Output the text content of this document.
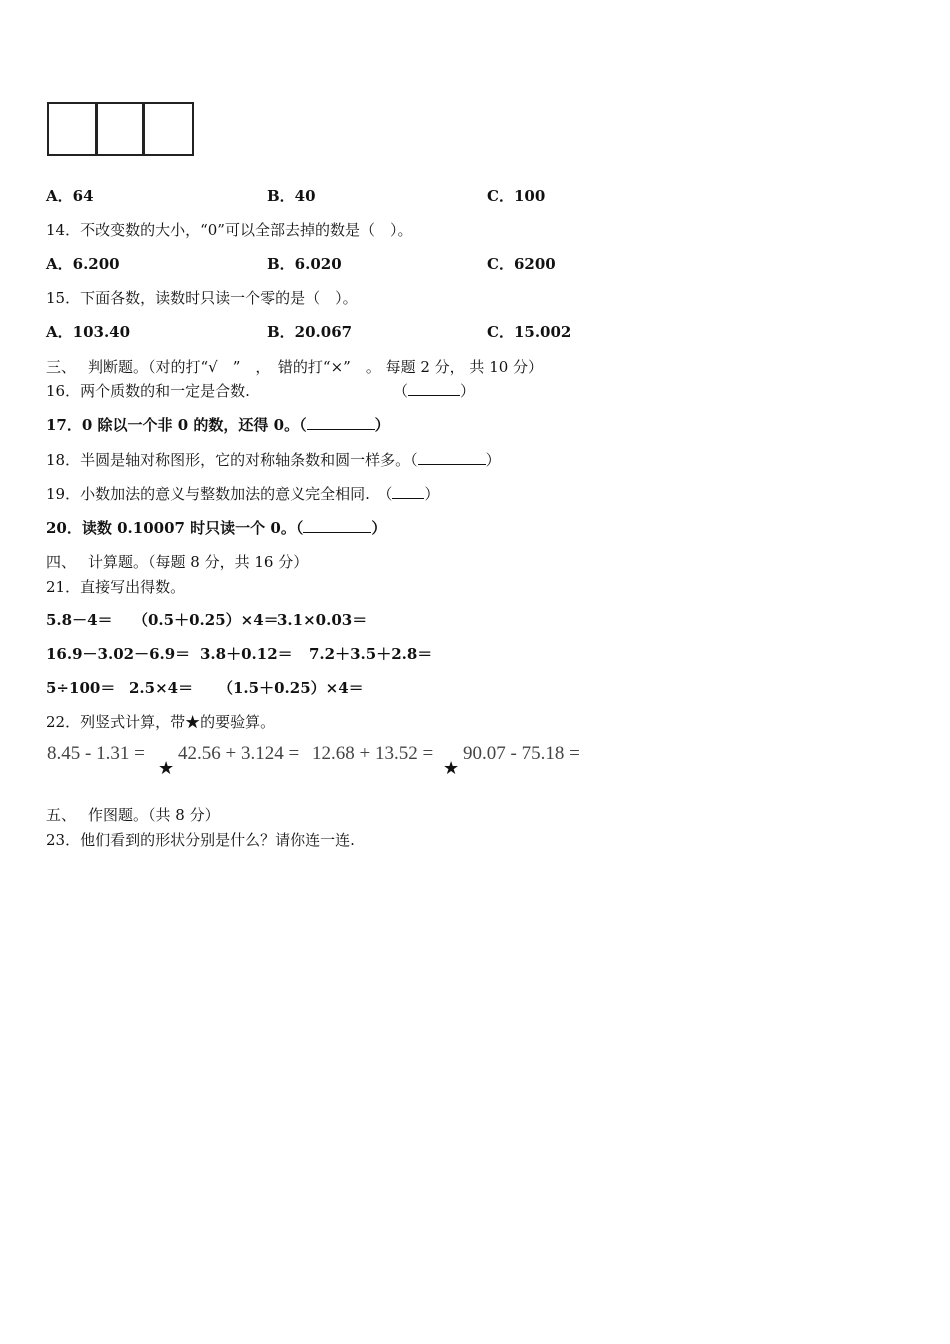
A．64	B．40	C．100
14．不改变数的大小，“0”可以全部去掉的数是（　）。
A．6.200	B．6.020	C．6200
15．下面各数，读数时只读一个零的是（　）。
A．103.40	B．20.067	C．15.002
三、 判断题。（对的打“√　”　，　错的打“×”　。 每题 2 分， 共 10 分）
16．两个质数的和一定是合数.	（	）
17．0 除以一个非 0 的数，还得 0。（	）
18．半圆是轴对称图形，它的对称轴条数和圆一样多。（	）
19．小数加法的意义与整数加法的意义完全相同.　（ ）
20．读数 0.10007 时只读一个 0。（	）
四、 计算题。（每题 8 分，共 16 分）
21．直接写出得数。
5.8－4＝ （0.5＋0.25）×4＝
3.1×0.03＝
16.9－3.02－6.9＝ 3.8＋0.12＝ 7.2＋3.5＋2.8＝
5÷100＝ 2.5×4＝ （1.5＋0.25）×4＝
22．列竖式计算，带★的要验算。
8.45 - 1.31 =
★
42.56 + 3.124 = 12.68 + 13.52 =
★
90.07 - 75.18 =
五、 作图题。（共 8 分）
23．他们看到的形状分别是什么？请你连一连.
